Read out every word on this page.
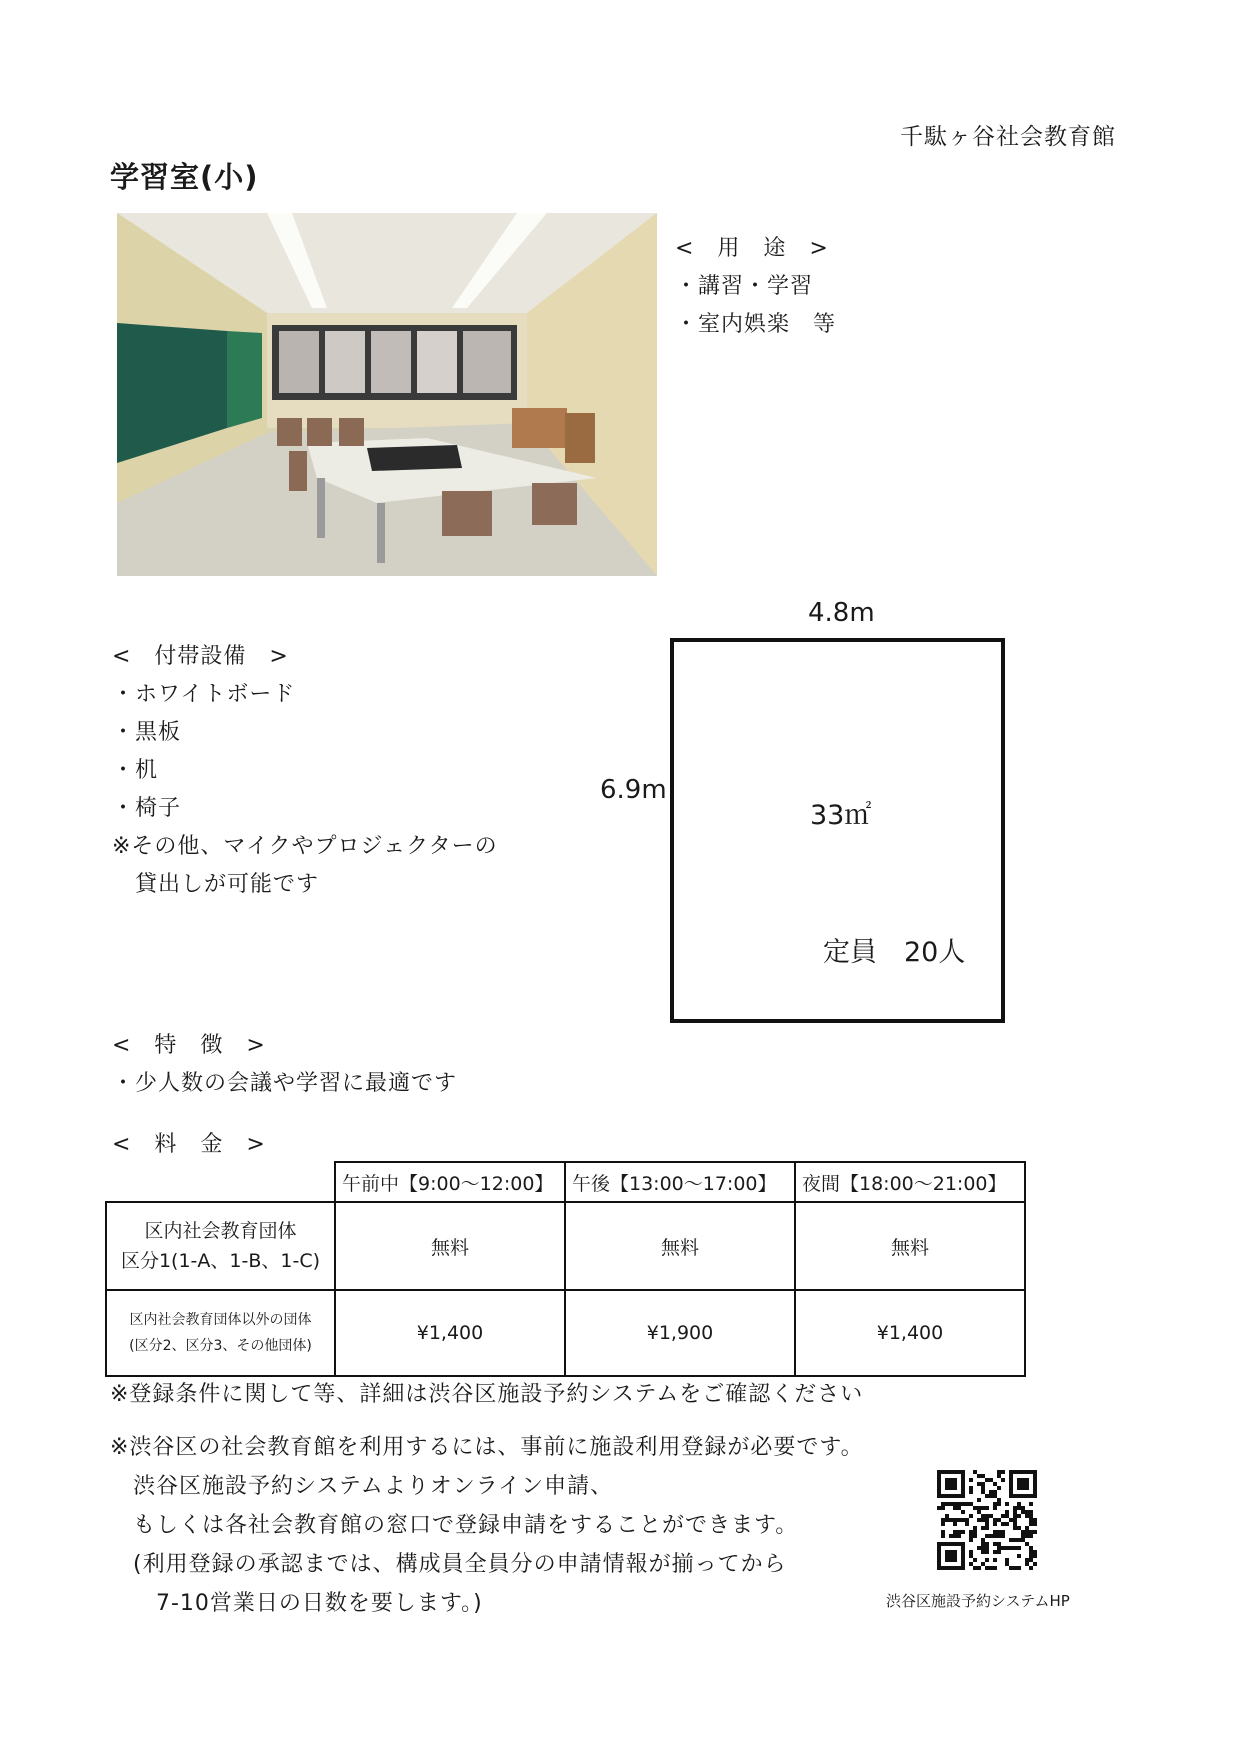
千駄ヶ谷社会教育館
学習室(小)
<　用　途　>
・講習・学習
・室内娯楽　等
<　付帯設備　>
・ホワイトボード
・黒板
・机
・椅子
※その他、マイクやプロジェクターの
　貸出しが可能です
4.8m
6.9m
33㎡
定員　20人
<　特　徴　>
・少人数の会議や学習に最適です
<　料　金　>
	午前中【9:00～12:00】	午後【13:00～17:00】	夜間【18:00～21:00】

区内社会教育団体
区分1(1-A、1-B、1-C)	無料	無料	無料

区内社会教育団体以外の団体
(区分2、区分3、その他団体)	¥1,400	¥1,900	¥1,400
※登録条件に関して等、詳細は渋谷区施設予約システムをご確認ください
※渋谷区の社会教育館を利用するには、事前に施設利用登録が必要です。
　渋谷区施設予約システムよりオンライン申請、
　もしくは各社会教育館の窓口で登録申請をすることができます。
　(利用登録の承認までは、構成員全員分の申請情報が揃ってから
　　7-10営業日の日数を要します。)	渋谷区施設予約システムHP
